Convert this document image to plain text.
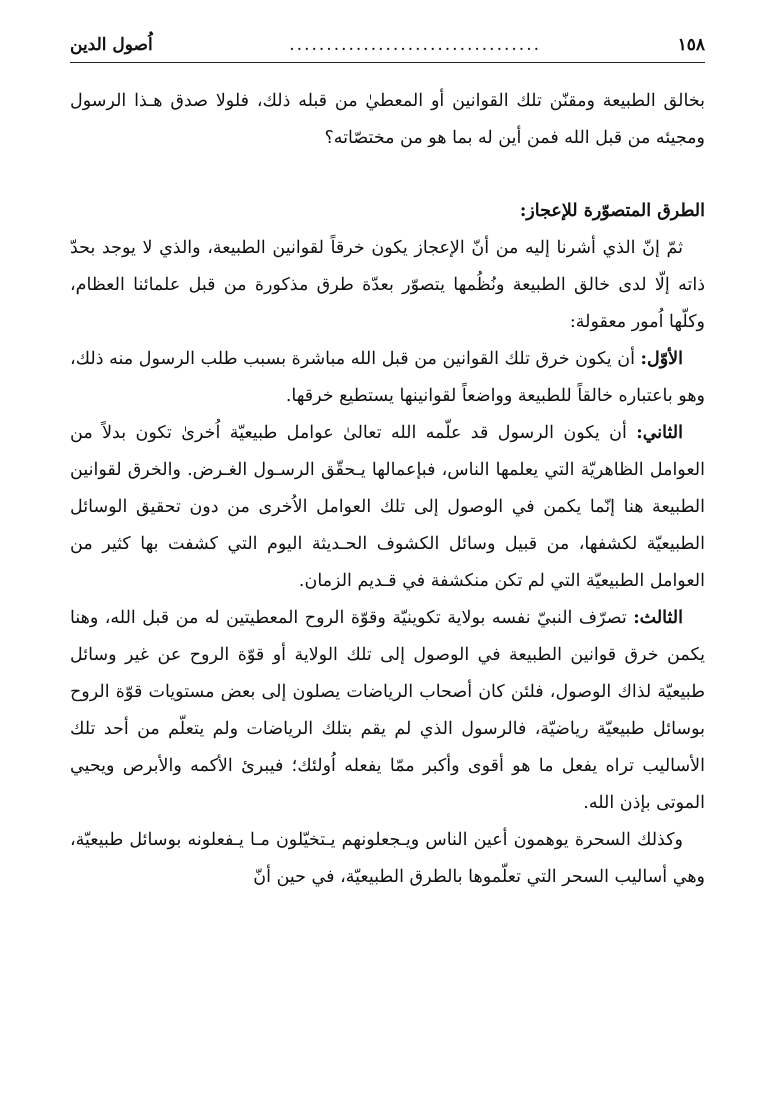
١٥٨
..................................
اُصول الدين

بخالق الطبيعة ومقنّن تلك القوانين أو المعطيٰ من قبله ذلك، فلولا صدق هـذا الرسول ومجيئه من قبل الله فمن أين له بما هو من مختصّاته؟

الطرق المتصوّرة للإعجاز:

ثمّ إنّ الذي أشرنا إليه من أنّ الإعجاز يكون خرقاً لقوانين الطبيعة، والذي لا يوجد بحدّ ذاته إلّا لدى خالق الطبيعة ونُظُمها يتصوّر بعدّة طرق مذكورة من قبل علمائنا العظام، وكلّها اُمور معقولة:

الأوّل: أن يكون خرق تلك القوانين من قبل الله مباشرة بسبب طلب الرسول منه ذلك، وهو باعتباره خالقاً للطبيعة وواضعاً لقوانينها يستطيع خرقها.

الثاني: أن يكون الرسول قد علّمه الله تعالىٰ عوامل طبيعيّة اُخرىٰ تكون بدلاً من العوامل الظاهريّة التي يعلمها الناس، فبإعمالها يـحقّق الرسـول الغـرض. والخرق لقوانين الطبيعة هنا إنّما يكمن في الوصول إلى تلك العوامل الاُخرى من دون تحقيق الوسائل الطبيعيّة لكشفها، من قبيل وسائل الكشوف الحـديثة اليوم التي كشفت بها كثير من العوامل الطبيعيّة التي لم تكن منكشفة في قـديم الزمان.

الثالث: تصرّف النبيّ نفسه بولاية تكوينيّة وقوّة الروح المعطيتين له من قبل الله، وهنا يكمن خرق قوانين الطبيعة في الوصول إلى تلك الولاية أو قوّة الروح عن غير وسائل طبيعيّة لذاك الوصول، فلئن كان أصحاب الرياضات يصلون إلى بعض مستويات قوّة الروح بوسائل طبيعيّة رياضيّة، فالرسول الذي لم يقم بتلك الرياضات ولم يتعلّم من أحد تلك الأساليب تراه يفعل ما هو أقوى وأكبر ممّا يفعله اُولئك؛ فيبرئ الأكمه والأبرص ويحيي الموتى بإذن الله.

وكذلك السحرة يوهمون أعين الناس ويـجعلونهم يـتخيّلون مـا يـفعلونه بوسائل طبيعيّة، وهي أساليب السحر التي تعلّموها بالطرق الطبيعيّة، في حين أنّ
